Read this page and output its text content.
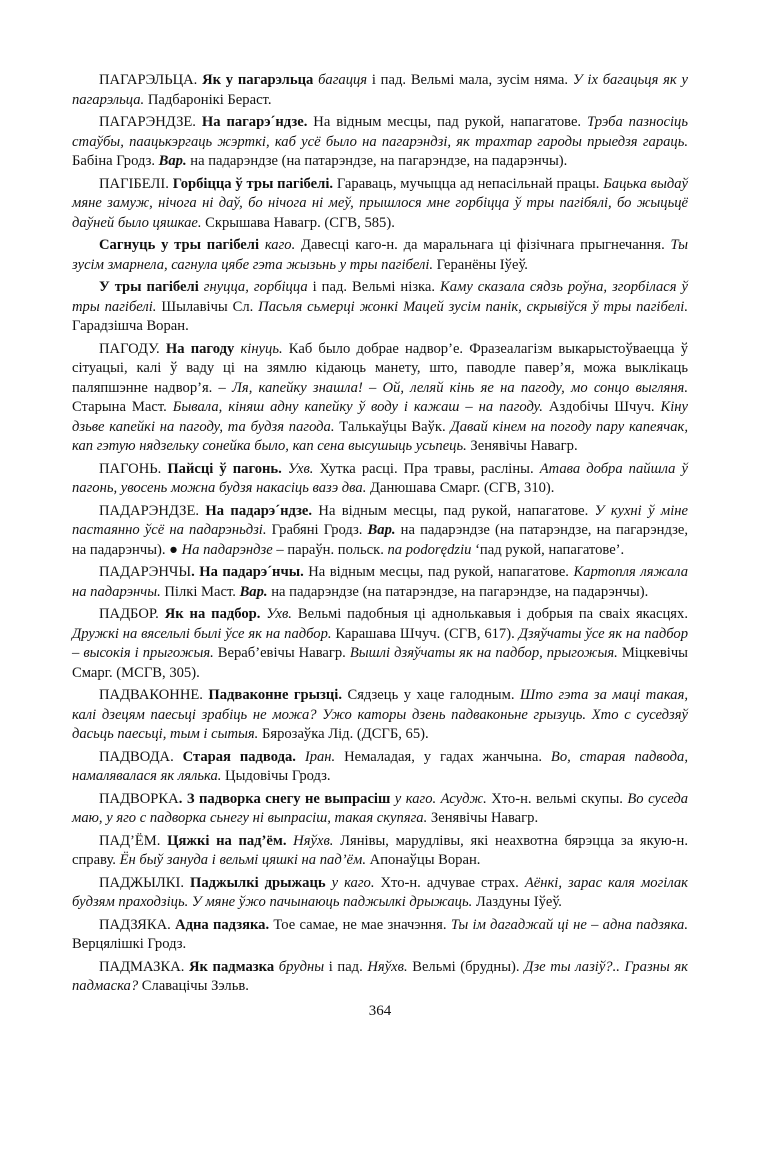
ПАГАРЭЛЬЦА. Як у пагарэльца багацця і пад. Вельмі мала, зусім няма. У іх багацьця як у пагарэльца. Падбаронікі Бераст.

ПАГАРЭНДЗЕ. На пагарэ´ндзе. На відным месцы, пад рукой, напагатове. Трэба пазносіць стаўбы, паацькэргаць жэрткі, каб усё было на пагарэндзі, як трахтар гароды прыедзя гараць. Бабіна Гродз. Вар. на падарэндзе (на патарэндзе, на пагарэндзе, на падарэнчы).

ПАГІБЕЛІ. Горбіцца ў тры пагібелі. Гараваць, мучыцца ад непасільнай працы. Бацька выдаў мяне замуж, нічога ні даў, бо нічога ні меў, прышлося мне горбіцца ў тры пагібялі, бо жыцьцё даўней было цяшкае. Скрышава Навагр. (СГВ, 585).

Сагнуць у тры пагібелі каго. Давесці каго-н. да маральнага ці фізічнага прыгнечання. Ты зусім змарнела, сагнула цябе гэта жызьнь у тры пагібелі. Геранёны Іўеў.

У тры пагібелі гнуцца, горбіцца і пад. Вельмі нізка. Каму сказала сядзь роўна, згорбілася ў тры пагібелі. Шылавічы Сл. Пасьля сьмерці жонкі Мацей зусім панік, скрывіўся ў тры пагібелі. Гарадзішча Воран.

ПАГОДУ. На пагоду кінуць. Каб было добрае надвор’е. Фразеалагізм выкарыстоўваецца ў сітуацыі, калі ў ваду ці на зямлю кідаюць манету, што, паводле павер’я, можа выклікаць паляпшэнне надвор’я. – Ля, капейку знашла! – Ой, леляй кінь яе на пагоду, мо сонцо выгляня. Старына Маст. Бывала, кіняш адну капейку ў воду і кажаш – на пагоду. Аздобічы Шчуч. Кіну дзьве капейкі на пагоду, та будзя пагода. Талькаўцы Ваўк. Давай кінем на погоду пару капеячак, кап гэтую нядзельку сонейка было, кап сена высушыць усьпець. Зенявічы Навагр.

ПАГОНЬ. Пайсці ў пагонь. Ухв. Хутка расці. Пра травы, расліны. Атава добра пайшла ў пагонь, увосень можна будзя накасіць вазэ два. Данюшава Смарг. (СГВ, 310).

ПАДАРЭНДЗЕ. На падарэ´ндзе. На відным месцы, пад рукой, напагатове. У кухні ў міне пастаянно ўсё на падарэньдзі. Грабяні Гродз. Вар. на падарэндзе (на патарэндзе, на пагарэндзе, на падарэнчы). ● На падарэндзе – параўн. польск. na podorędziu ‘пад рукой, напагатове’.

ПАДАРЭНЧЫ. На падарэ´нчы. На відным месцы, пад рукой, напагатове. Картопля ляжала на падарэнчы. Пілкі Маст. Вар. на падарэндзе (на патарэндзе, на пагарэндзе, на падарэнчы).

ПАДБОР. Як на падбор. Ухв. Вельмі падобныя ці аднолькавыя і добрыя па сваіх якасцях. Дружкі на вясельлі былі ўсе як на падбор. Карашава Шчуч. (СГВ, 617). Дзяўчаты ўсе як на падбор – высокія і прыгожыя. Вераб’евічы Навагр. Вышлі дзяўчаты як на падбор, прыгожыя. Міцкевічы Смарг. (МСГВ, 305).

ПАДВАКОННЕ. Падваконне грызці. Сядзець у хаце галодным. Што гэта за маці такая, калі дзецям паесьці зрабіць не можа? Ужо каторы дзень падваконьне грызуць. Хто с суседзяў дасьць паесьці, тым і сытыя. Бярозаўка Лід. (ДСГБ, 65).

ПАДВОДА. Старая падвода. Іран. Немаладая, у гадах жанчына. Во, старая падвода, намалявалася як лялька. Цыдовічы Гродз.

ПАДВОРКА. З падворка снегу не выпрасіш у каго. Асудж. Хто-н. вельмі скупы. Во суседа маю, у яго с падворка сьнегу ні выпрасіш, такая скупяга. Зенявічы Навагр.

ПАД’ЁМ. Цяжкі на пад’ём. Няўхв. Лянівы, марудлівы, які неахвотна бярэцца за якую-н. справу. Ён быў зануда і вельмі цяшкі на пад’ём. Апонаўцы Воран.

ПАДЖЫЛКІ. Паджылкі дрыжаць у каго. Хто-н. адчувае страх. Аёнкі, зарас каля могілак будзям праходзіць. У мяне ўжо пачынаюць паджылкі дрыжаць. Лаздуны Іўеў.

ПАДЗЯКА. Адна падзяка. Тое самае, не мае значэння. Ты ім дагаджай ці не – адна падзяка. Верцялішкі Гродз.

ПАДМАЗКА. Як падмазка брудны і пад. Няўхв. Вельмі (брудны). Дзе ты лазіў?.. Гразны як падмаска? Славацічы Зэльв.

364
